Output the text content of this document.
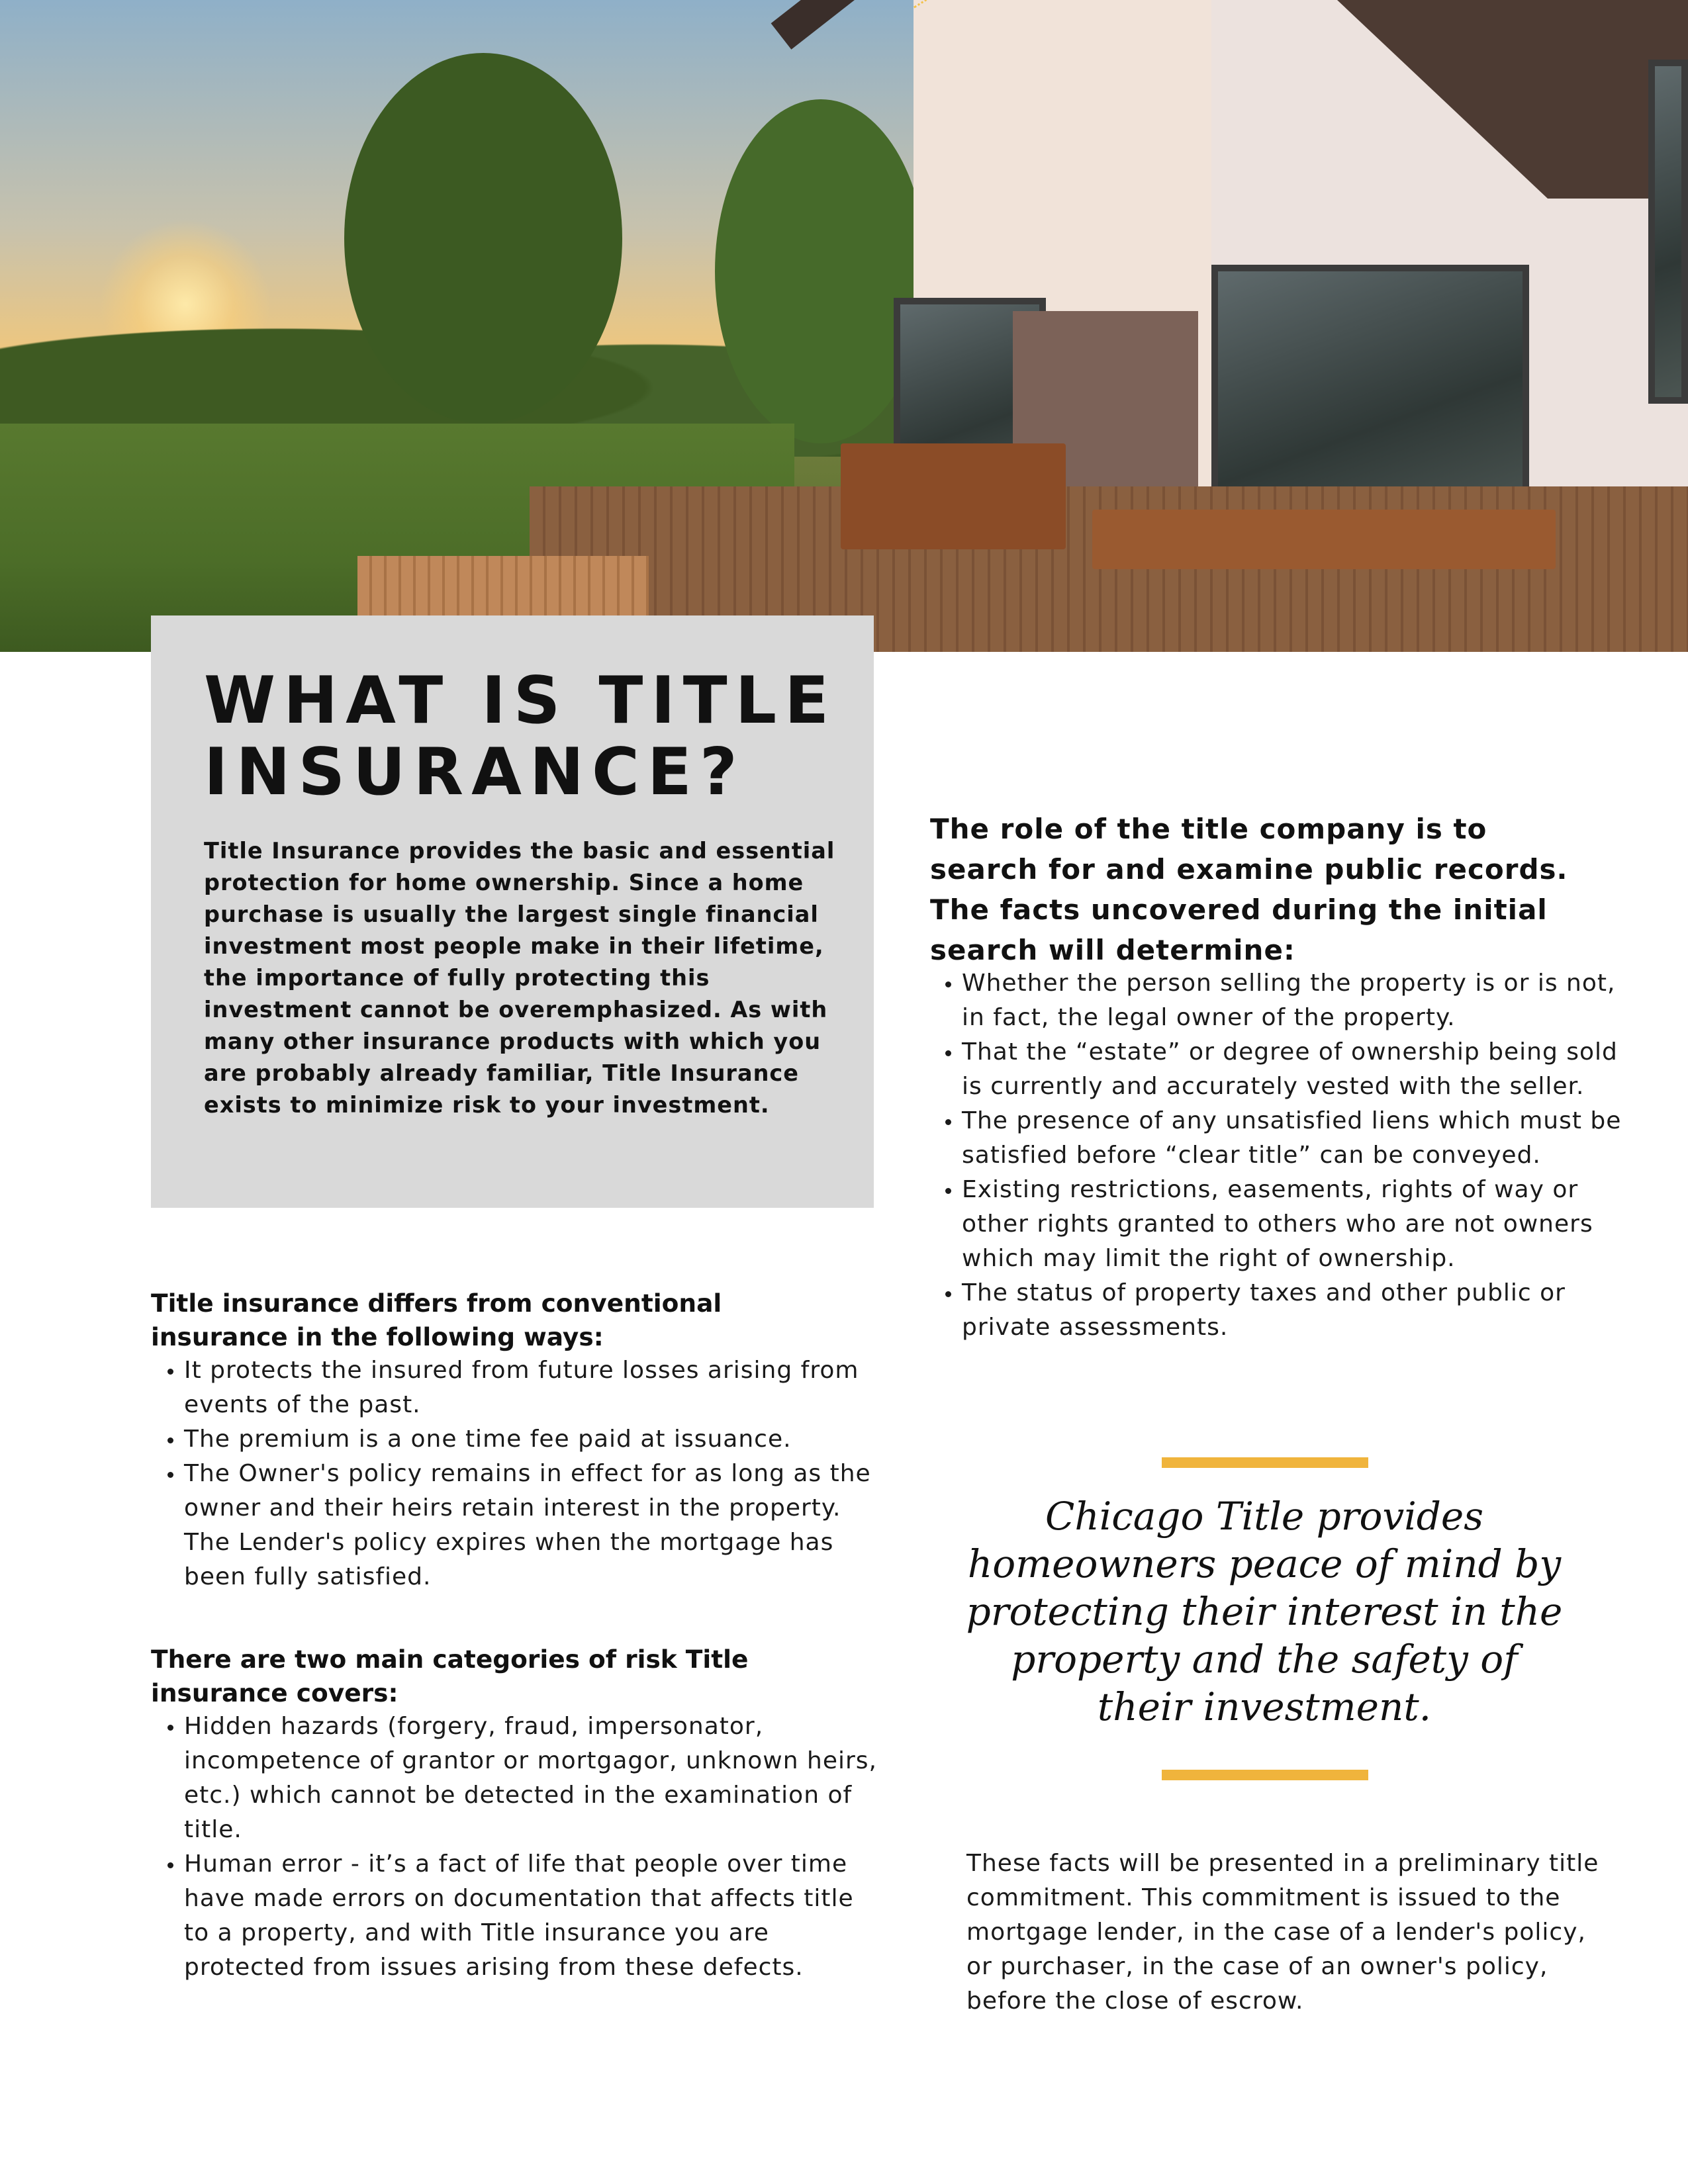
WHAT IS TITLE INSURANCE?

Title Insurance provides the basic and essential protection for home ownership. Since a home purchase is usually the largest single financial investment most people make in their lifetime, the importance of fully protecting this investment cannot be overemphasized. As with many other insurance products with which you are probably already familiar, Title Insurance exists to minimize risk to your investment.

Title insurance differs from conventional insurance in the following ways:
• It protects the insured from future losses arising from events of the past.
• The premium is a one time fee paid at issuance.
• The Owner's policy remains in effect for as long as the owner and their heirs retain interest in the property. The Lender's policy expires when the mortgage has been fully satisfied.
There are two main categories of risk Title insurance covers:
• Hidden hazards (forgery, fraud, impersonator, incompetence of grantor or mortgagor, unknown heirs, etc.) which cannot be detected in the examination of title.
• Human error - it’s a fact of life that people over time have made errors on documentation that affects title to a property, and with Title insurance you are protected from issues arising from these defects.
The role of the title company is to search for and examine public records. The facts uncovered during the initial search will determine:
• Whether the person selling the property is or is not, in fact, the legal owner of the property.
• That the “estate” or degree of ownership being sold is currently and accurately vested with the seller.
• The presence of any unsatisfied liens which must be satisfied before “clear title” can be conveyed.
• Existing restrictions, easements, rights of way or other rights granted to others who are not owners which may limit the right of ownership.
• The status of property taxes and other public or private assessments.

Chicago Title provides homeowners peace of mind by protecting their interest in the property and the safety of their investment.

These facts will be presented in a preliminary title commitment. This commitment is issued to the mortgage lender, in the case of a lender's policy, or purchaser, in the case of an owner's policy, before the close of escrow.
